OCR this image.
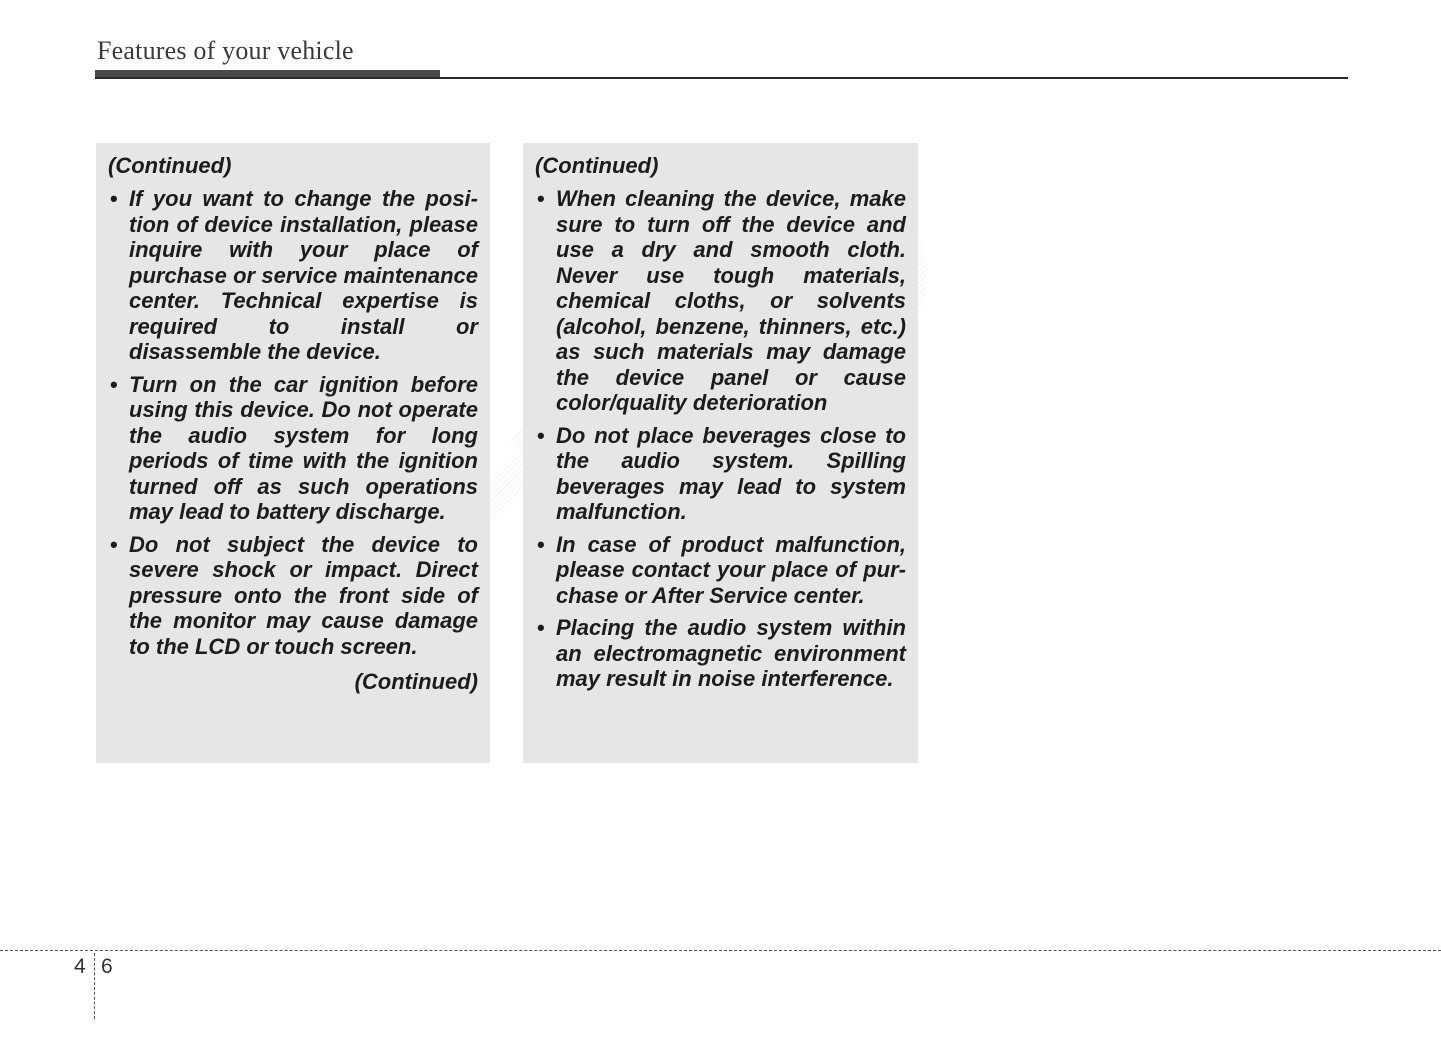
Features of your vehicle
(Continued)
• If you want to change the position of device installation, please inquire with your place of purchase or service maintenance center. Technical expertise is required to install or disassemble the device.
• Turn on the car ignition before using this device. Do not operate the audio system for long periods of time with the ignition turned off as such operations may lead to battery discharge.
• Do not subject the device to severe shock or impact. Direct pressure onto the front side of the monitor may cause damage to the LCD or touch screen.
(Continued)
(Continued)
• When cleaning the device, make sure to turn off the device and use a dry and smooth cloth. Never use tough materials, chemical cloths, or solvents (alcohol, benzene, thinners, etc.) as such materials may damage the device panel or cause color/quality deterioration
• Do not place beverages close to the audio system. Spilling beverages may lead to system malfunction.
• In case of product malfunction, please contact your place of purchase or After Service center.
• Placing the audio system within an electromagnetic environment may result in noise interference.
4 6
